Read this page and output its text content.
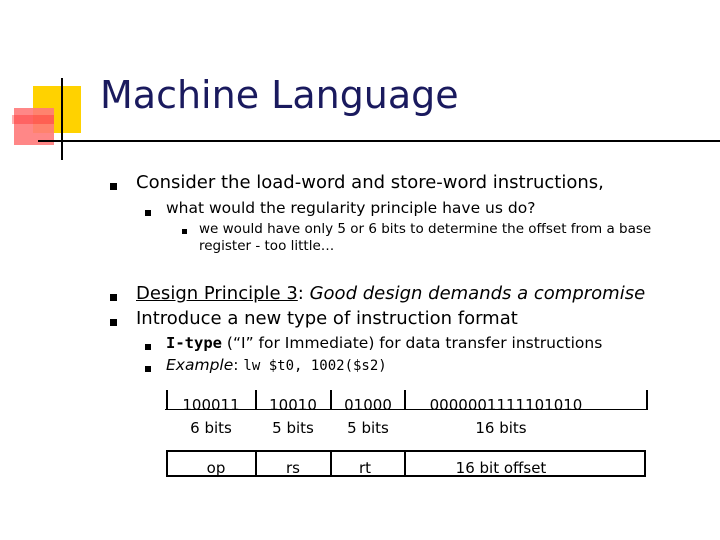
Machine Language
Consider the load-word and store-word instructions,
what would the regularity principle have us do?
we would have only 5 or 6 bits to determine the offset from a base
register - too little…
Design Principle 3: Good design demands a compromise
Introduce a new type of instruction format
I-type (“I” for Immediate) for data transfer instructions
Example: lw $t0, 1002($s2)
100011	10010	01000	0000001111101010
6 bits	5 bits	5 bits	16 bits
op	rs	rt	16 bit offset
